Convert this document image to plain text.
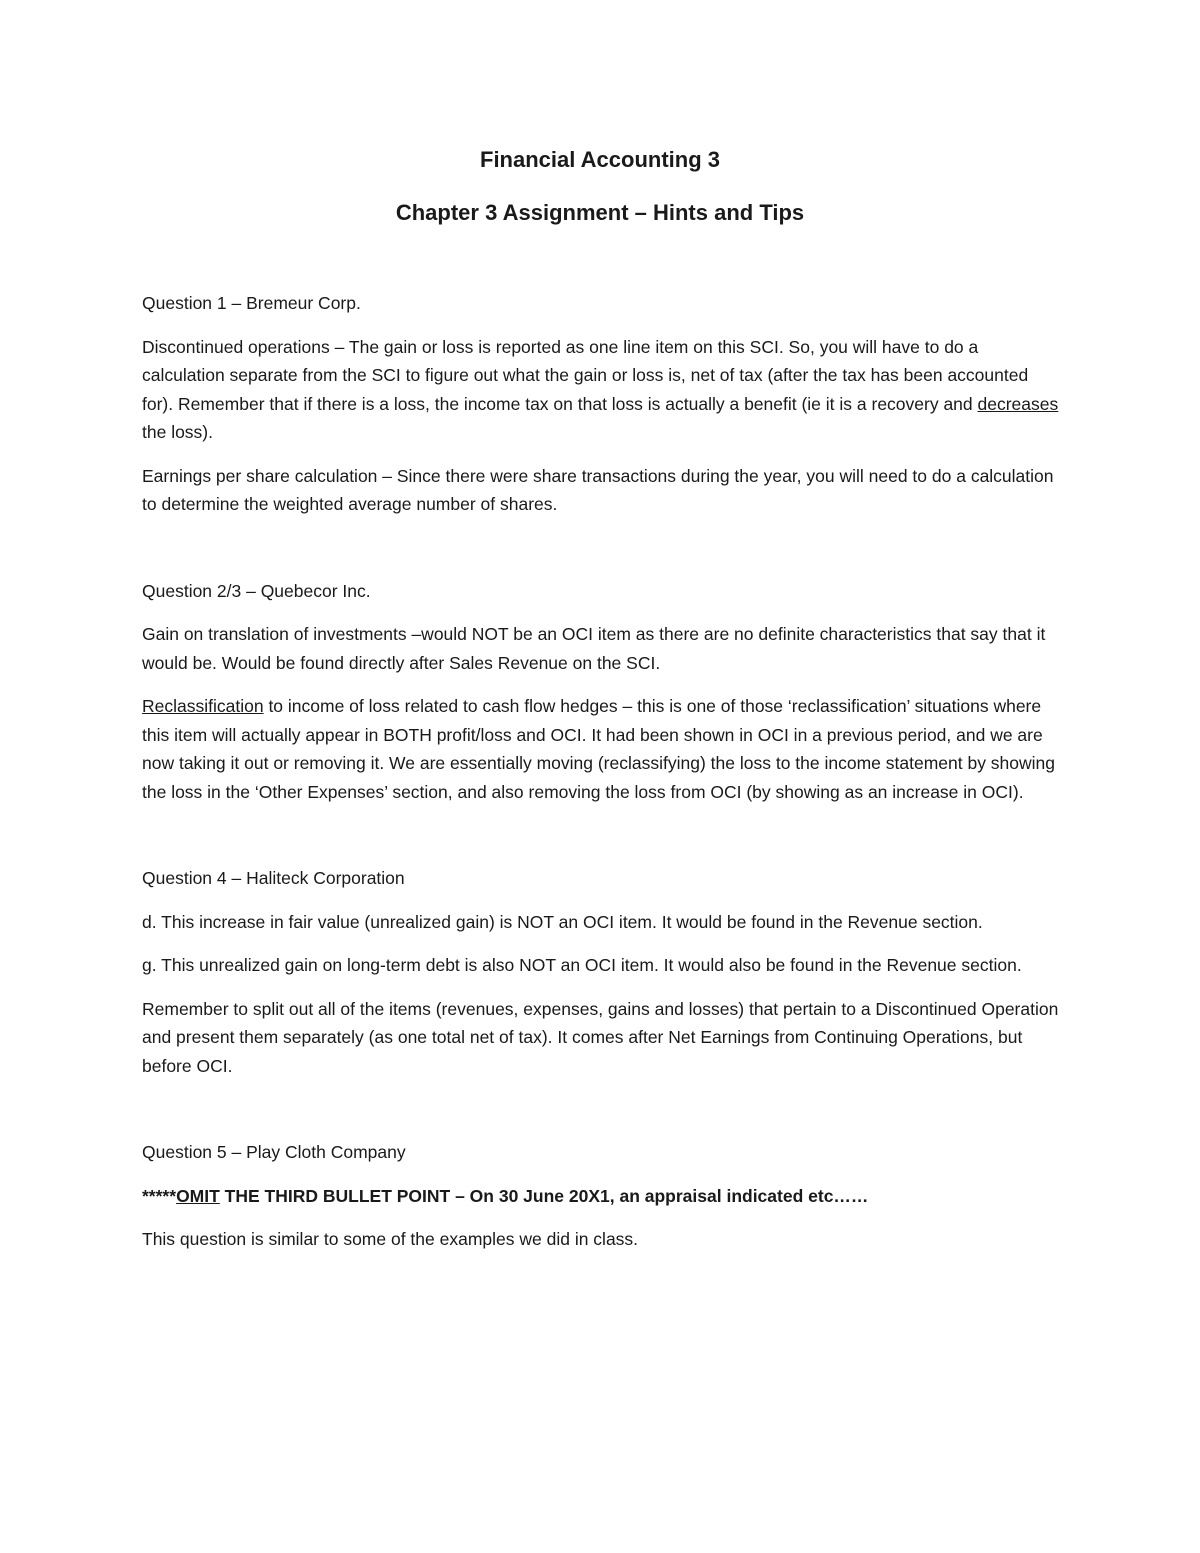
Financial Accounting 3
Chapter 3 Assignment – Hints and Tips

Question 1 – Bremeur Corp.

Discontinued operations – The gain or loss is reported as one line item on this SCI. So, you will have to do a calculation separate from the SCI to figure out what the gain or loss is, net of tax (after the tax has been accounted for). Remember that if there is a loss, the income tax on that loss is actually a benefit (ie it is a recovery and decreases the loss).

Earnings per share calculation – Since there were share transactions during the year, you will need to do a calculation to determine the weighted average number of shares.

Question 2/3 – Quebecor Inc.

Gain on translation of investments –would NOT be an OCI item as there are no definite characteristics that say that it would be. Would be found directly after Sales Revenue on the SCI.

Reclassification to income of loss related to cash flow hedges – this is one of those ‘reclassification’ situations where this item will actually appear in BOTH profit/loss and OCI. It had been shown in OCI in a previous period, and we are now taking it out or removing it. We are essentially moving (reclassifying) the loss to the income statement by showing the loss in the ‘Other Expenses’ section, and also removing the loss from OCI (by showing as an increase in OCI).

Question 4 – Haliteck Corporation

d. This increase in fair value (unrealized gain) is NOT an OCI item. It would be found in the Revenue section.

g. This unrealized gain on long-term debt is also NOT an OCI item. It would also be found in the Revenue section.

Remember to split out all of the items (revenues, expenses, gains and losses) that pertain to a Discontinued Operation and present them separately (as one total net of tax). It comes after Net Earnings from Continuing Operations, but before OCI.

Question 5 – Play Cloth Company

*****OMIT THE THIRD BULLET POINT – On 30 June 20X1, an appraisal indicated etc……

This question is similar to some of the examples we did in class.
